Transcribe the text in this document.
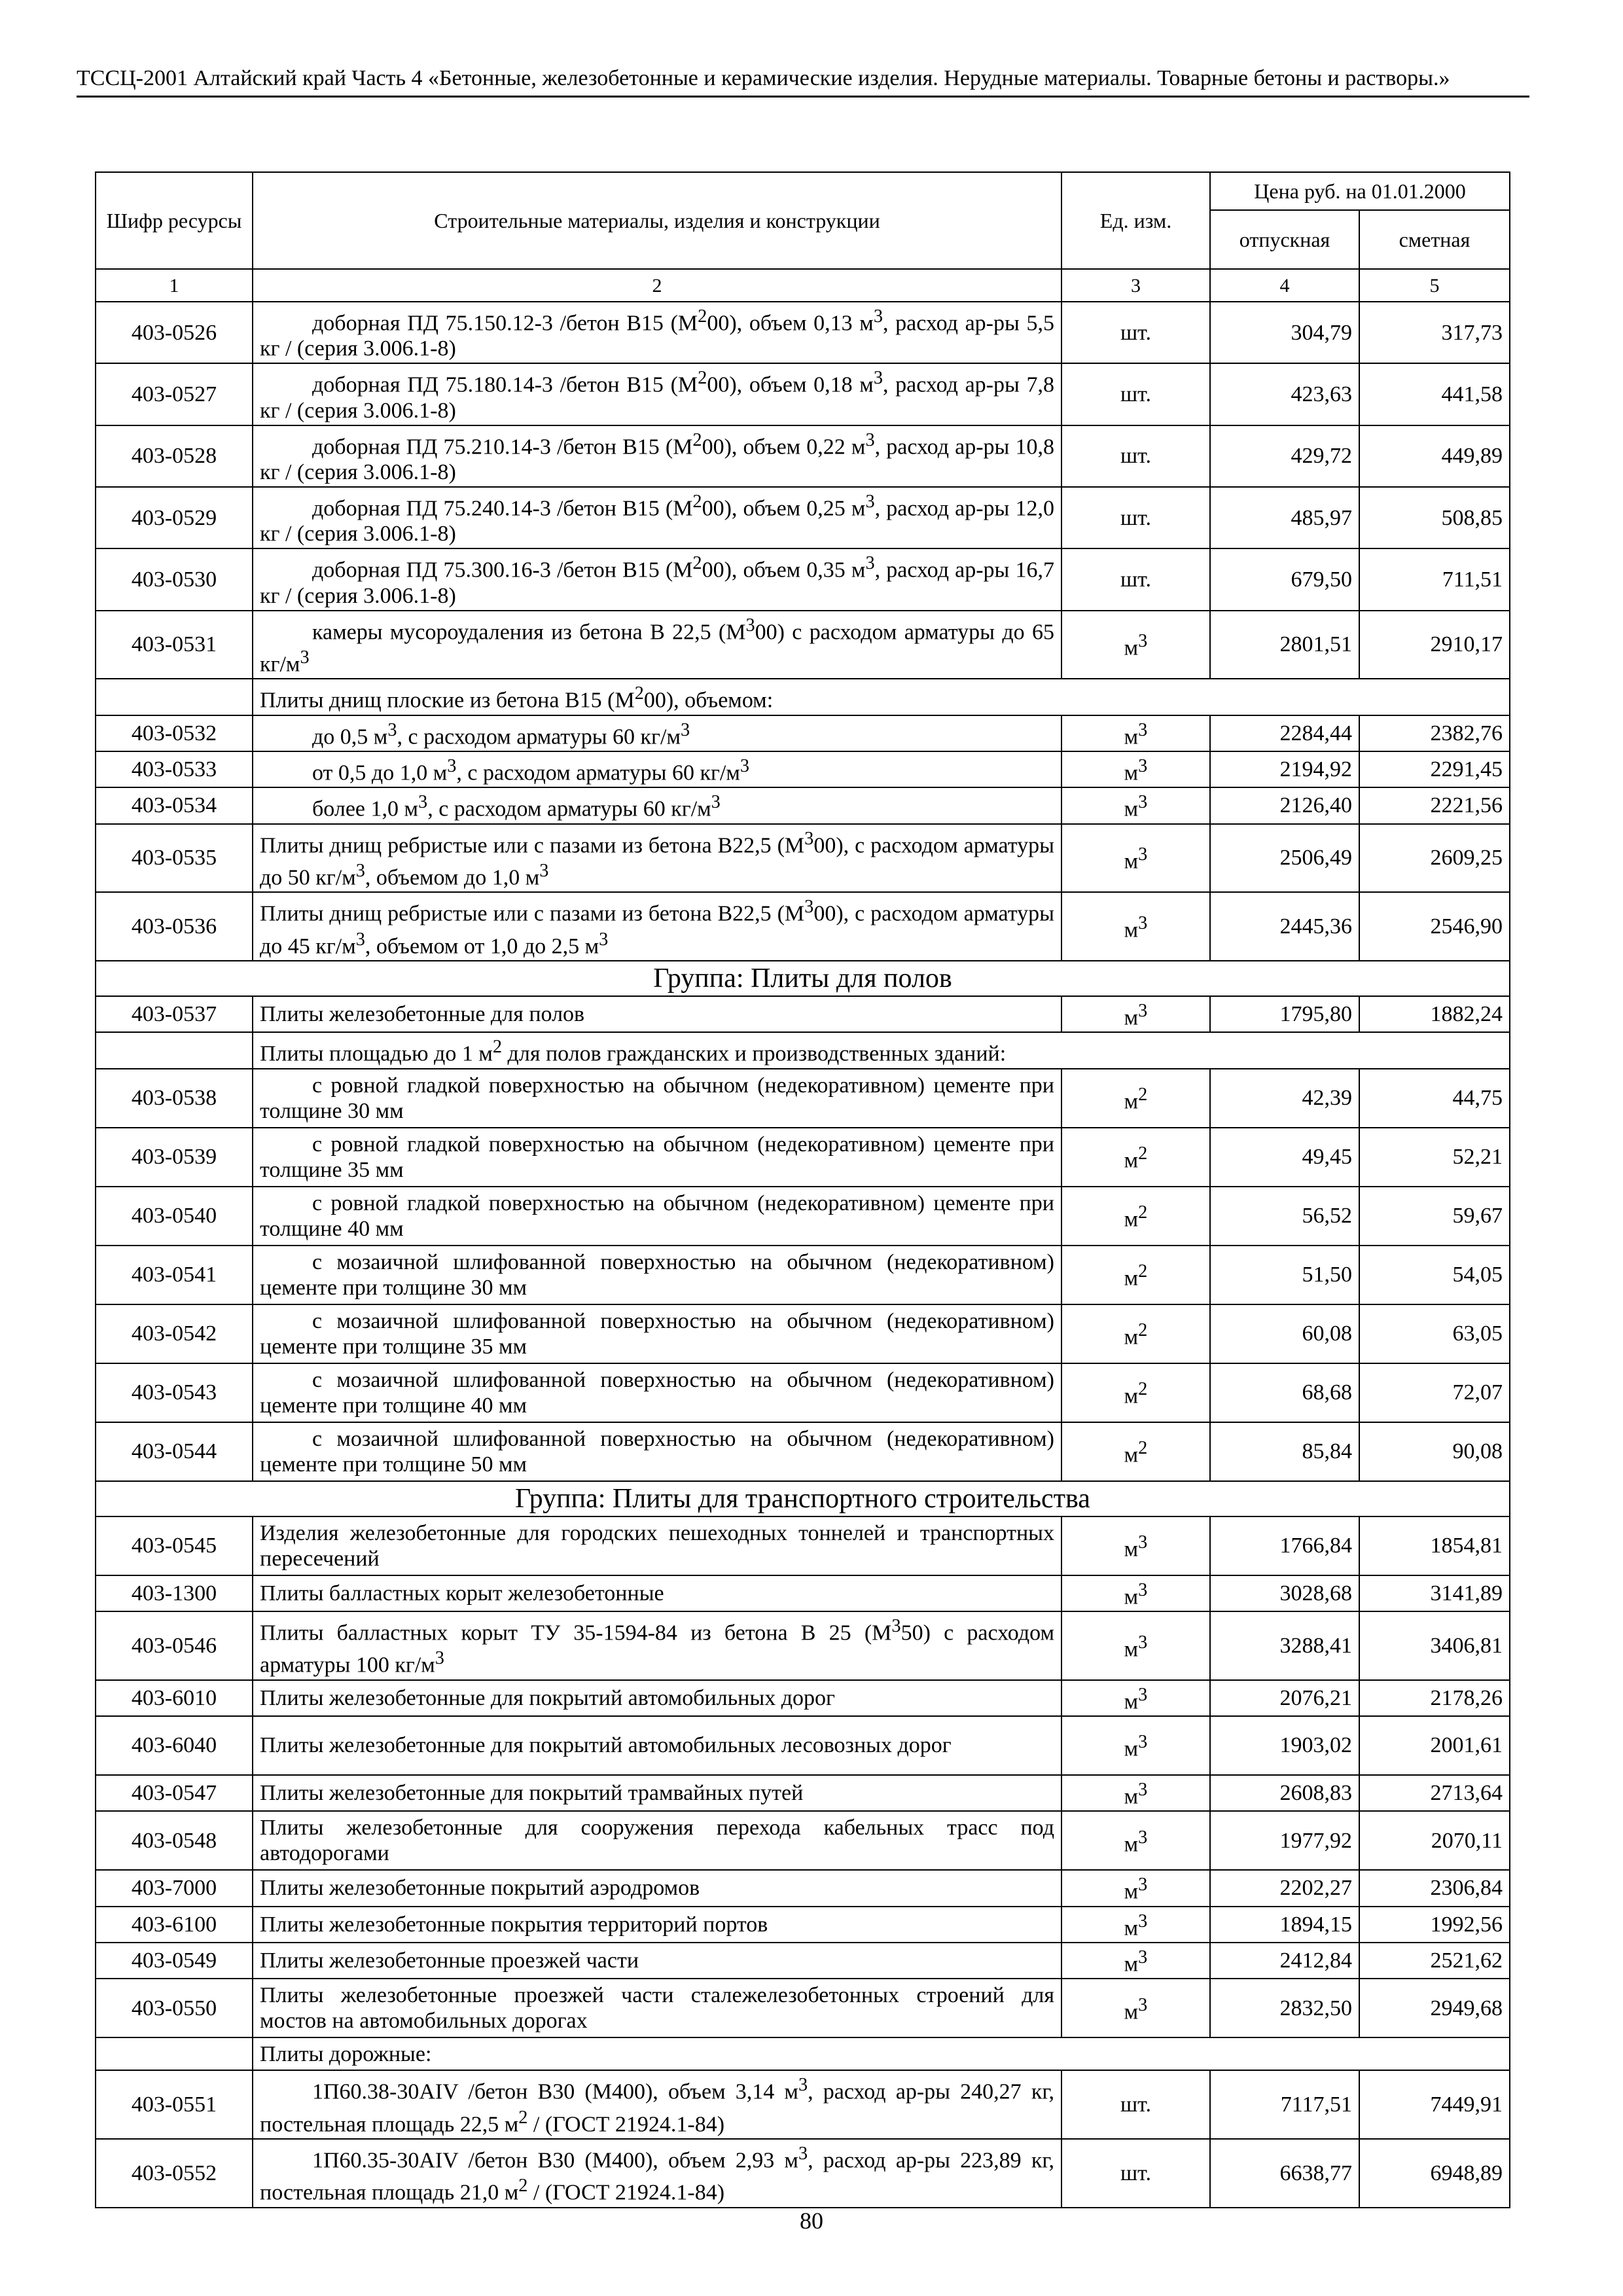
ТССЦ-2001 Алтайский край Часть 4 «Бетонные, железобетонные и керамические изделия. Нерудные материалы. Товарные бетоны и растворы.»
Шифр ресурсы	Строительные материалы, изделия и конструкции	Ед. изм.	Цена руб. на 01.01.2000	
			отпускная	сметная
1	2	3	4	5
403-0526	доборная ПД 75.150.12-3 /бетон В15 $(М^200)$, объем 0,13 $м^3$, расход ар-ры 5,5 кг / (серия 3.006.1-8)	шт.	304,79	317,73
403-0527	доборная ПД 75.180.14-3 /бетон В15 $(М^200)$, объем 0,18 $м^3$, расход ар-ры 7,8 кг / (серия 3.006.1-8)	шт.	423,63	441,58
403-0528	доборная ПД 75.210.14-3 /бетон В15 $(М^200)$, объем 0,22 $м^3$, расход ар-ры 10,8 кг / (серия 3.006.1-8)	шт.	429,72	449,89
403-0529	доборная ПД 75.240.14-3 /бетон В15 $(М^200)$, объем 0,25 $м^3$, расход ар-ры 12,0 кг / (серия 3.006.1-8)	шт.	485,97	508,85
403-0530	доборная ПД 75.300.16-3 /бетон В15 $(М^200)$, объем 0,35 $м^3$, расход ар-ры 16,7 кг / (серия 3.006.1-8)	шт.	679,50	711,51
403-0531	камеры мусороудаления из бетона В 22,5 $(М^300)$ с расходом арматуры до 65 $кг/м^3$	$м^3$	2801,51	2910,17
	Плиты днищ плоские из бетона В15 $(М^200)$, объемом:			
403-0532	до 0,5 $м^3$, с расходом арматуры 60 $кг/м^3$	$м^3$	2284,44	2382,76
403-0533	от 0,5 до 1,0 $м^3$, с расходом арматуры 60 $кг/м^3$	$м^3$	2194,92	2291,45
403-0534	более 1,0 $м^3$, с расходом арматуры 60 $кг/м^3$	$м^3$	2126,40	2221,56
403-0535	Плиты днищ ребристые или с пазами из бетона В22,5 $(М^300)$, с расходом арматуры до 50 $кг/м^3$, объемом до 1,0 $м^3$	$м^3$	2506,49	2609,25
403-0536	Плиты днищ ребристые или с пазами из бетона В22,5 $(М^300)$, с расходом арматуры до 45 $кг/м^3$, объемом от 1,0 до 2,5 $м^3$	$м^3$	2445,36	2546,90
Группа: Плиты для полов				
403-0537	Плиты железобетонные для полов	$м^3$	1795,80	1882,24
	Плиты площадью до 1 $м^2$ для полов гражданских и производственных зданий:			
403-0538	с ровной гладкой поверхностью на обычном (недекоративном) цементе при толщине 30 мм	$м^2$	42,39	44,75
403-0539	с ровной гладкой поверхностью на обычном (недекоративном) цементе при толщине 35 мм	$м^2$	49,45	52,21
403-0540	с ровной гладкой поверхностью на обычном (недекоративном) цементе при толщине 40 мм	$м^2$	56,52	59,67
403-0541	с мозаичной шлифованной поверхностью на обычном (недекоративном) цементе при толщине 30 мм	$м^2$	51,50	54,05
403-0542	с мозаичной шлифованной поверхностью на обычном (недекоративном) цементе при толщине 35 мм	$м^2$	60,08	63,05
403-0543	с мозаичной шлифованной поверхностью на обычном (недекоративном) цементе при толщине 40 мм	$м^2$	68,68	72,07
403-0544	с мозаичной шлифованной поверхностью на обычном (недекоративном) цементе при толщине 50 мм	$м^2$	85,84	90,08
Группа: Плиты для транспортного строительства				
403-0545	Изделия железобетонные для городских пешеходных тоннелей и транспортных пересечений	$м^3$	1766,84	1854,81
403-1300	Плиты балластных корыт железобетонные	$м^3$	3028,68	3141,89
403-0546	Плиты балластных корыт ТУ 35-1594-84 из бетона В 25 $(М^350)$ с расходом арматуры 100 $кг/м^3$	$м^3$	3288,41	3406,81
403-6010	Плиты железобетонные для покрытий автомобильных дорог	$м^3$	2076,21	2178,26
403-6040	Плиты железобетонные для покрытий автомобильных лесовозных дорог	$м^3$	1903,02	2001,61
403-0547	Плиты железобетонные для покрытий трамвайных путей	$м^3$	2608,83	2713,64
403-0548	Плиты железобетонные для сооружения перехода кабельных трасс под автодорогами	$м^3$	1977,92	2070,11
403-7000	Плиты железобетонные покрытий аэродромов	$м^3$	2202,27	2306,84
403-6100	Плиты железобетонные покрытия территорий портов	$м^3$	1894,15	1992,56
403-0549	Плиты железобетонные проезжей части	$м^3$	2412,84	2521,62
403-0550	Плиты железобетонные проезжей части сталежелезобетонных строений для мостов на автомобильных дорогах	$м^3$	2832,50	2949,68
	Плиты дорожные:			
403-0551	1П60.38-30АIV /бетон В30 (М400), объем 3,14 $м^3$, расход ар-ры 240,27 кг, постельная площадь 22,5 $м^2$ / (ГОСТ 21924.1-84)	шт.	7117,51	7449,91
403-0552	1П60.35-30АIV /бетон В30 (М400), объем 2,93 $м^3$, расход ар-ры 223,89 кг, постельная площадь 21,0 $м^2$ / (ГОСТ 21924.1-84)	шт.	6638,77	6948,89
80
